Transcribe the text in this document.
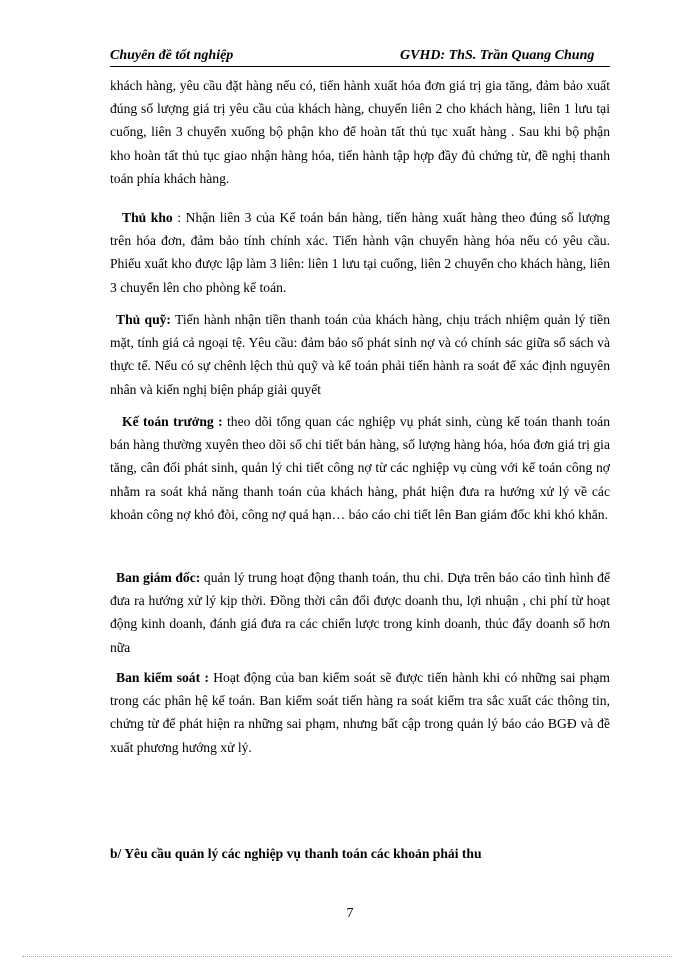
Chuyên đề tốt nghiệp	GVHD: ThS. Trần Quang Chung

khách hàng, yêu cầu đặt hàng nếu có, tiến hành xuất hóa đơn giá trị gia tăng, đảm bảo xuất đúng số lượng giá trị yêu cầu của khách hàng, chuyển liên 2 cho khách hàng, liên 1 lưu tại cuống, liên 3 chuyển xuống bộ phận kho để hoàn tất thủ tục xuất hàng . Sau khi bộ phận kho hoàn tất thủ tục giao nhận hàng hóa, tiến hành tập hợp đầy đủ chứng từ, đề nghị thanh toán phía khách hàng.

Thủ kho : Nhận liên 3 của Kế toán bán hàng, tiến hàng xuất hàng theo đúng số lượng trên hóa đơn, đảm bảo tính chính xác. Tiến hành vận chuyển hàng hóa nếu có yêu cầu. Phiếu xuất kho được lập làm 3 liên: liên 1 lưu tại cuống, liên 2 chuyển cho khách hàng, liên 3 chuyển lên cho phòng kế toán.

Thủ quỹ: Tiến hành nhận tiền thanh toán của khách hàng, chịu trách nhiệm quản lý tiền mặt, tính giá cả ngoại tệ. Yêu cầu: đảm bảo số phát sinh nợ và có chính sác giữa sổ sách và thực tế. Nếu có sự chênh lệch thủ quỹ và kế toán phải tiến hành ra soát để xác định nguyên nhân và kiến nghị biện pháp giải quyết

Kế toán trưởng : theo dõi tổng quan các nghiệp vụ phát sinh, cùng kế toán thanh toán bán hàng thường xuyên theo dõi sổ chi tiết bán hàng, số lượng hàng hóa, hóa đơn giá trị gia tăng, cân đối phát sinh, quản lý chi tiết công nợ từ các nghiệp vụ cùng với kế toán công nợ nhằm ra soát khả năng thanh toán của khách hàng, phát hiện đưa ra hướng xử lý về các khoản công nợ khó đòi, công nợ quá hạn… báo cáo chi tiết lên Ban giám đốc khi khó khăn.

Ban giám đốc: quản lý trung hoạt động thanh toán, thu chi. Dựa trên báo cáo tình hình để đưa ra hướng xử lý kịp thời. Đồng thời cân đối được doanh thu, lợi nhuận , chi phí từ hoạt động kinh doanh, đánh giá đưa ra các chiến lược trong kinh doanh, thúc đẩy doanh số hơn nữa

Ban kiểm soát : Hoạt động của ban kiểm soát sẽ được tiến hành khi có những sai phạm trong các phân hệ kế toán. Ban kiểm soát tiến hàng ra soát kiểm tra sắc xuất các thông tin, chứng từ để phát hiện ra những sai phạm, nhưng bất cập trong quản lý báo cáo BGĐ và đề xuất phương hướng xử lý.

b/ Yêu cầu quản lý các nghiệp vụ thanh toán các khoản phải thu
7
